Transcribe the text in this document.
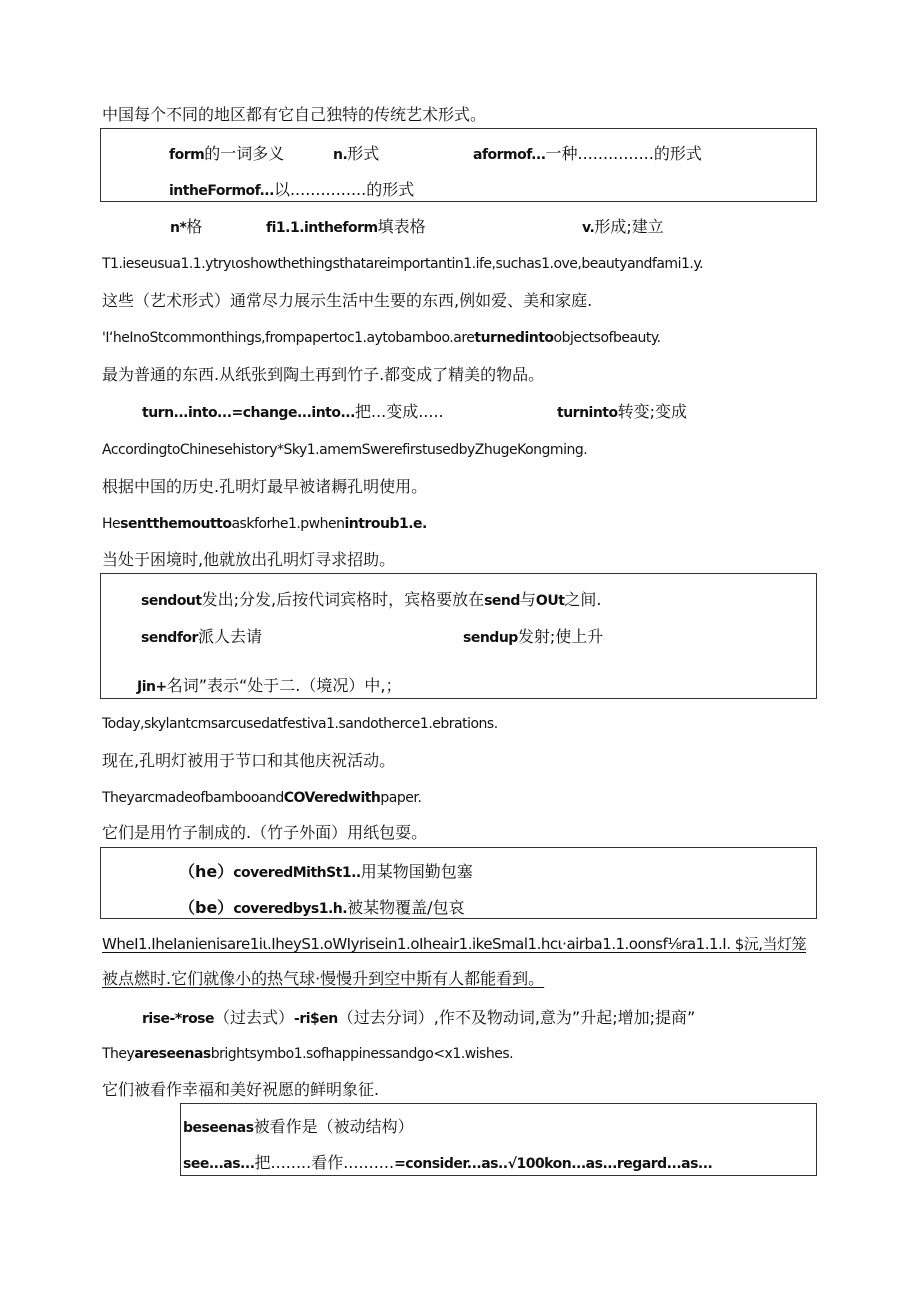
中国每个不同的地区都有它自己独特的传统艺术形式。
form的一词多义	n.形式	aformof...一种...............的形式
intheFormof...以...............的形式
n*格	fi1.1.intheform填表格	v.形成;建立
T1.ieseusua1.1.ytryιoshowthethingsthatareimportantin1.ife,suchas1.ove,beautyandfami1.y.
这些（艺术形式）通常尽力展示生活中生要的东西,例如爱、美和家庭.
'I‘heInoStcommonthings,frompapertoc1.aytobamboo.areturnedintoobjectsofbeauty.
最为普通的东西.从纸张到陶土再到竹子.都变成了精美的物品。
turn...into...=change...into...把...变成.....	turninto转变;变成
AccordingtoChinesehistory*Sky1.amemSwerefirstusedbyZhugeKongming.
根据中国的历史.孔明灯最早被诸耨孔明使用。
Hesentthemouttoaskforhe1.pwhenintroub1.e.
当处于困境时,他就放出孔明灯寻求招助。
sendout发出;分发,后按代词宾格时，宾格要放在send与OUt之间.
sendfor派人去请	sendup发射;使上升
Jin+名词”表示“处于二.（境况）中,；
Today,skylantcmsarcusedatfestiva1.sandotherce1.ebrations.
现在,孔明灯被用于节口和其他庆祝活动。
TheyarcmadeofbambooandCOVeredwithpaper.
它们是用竹子制成的.（竹子外面）用纸包耍。
（he）coveredMithSt1..用某物国勤包塞
（be）coveredbys1.h.被某物覆盖/包哀
WheI1.IheIanienisare1iι.IheyS1.oWIyrisein1.oIheair1.ikeSmal1.hcι·airba1.1.oonsf⅛ra1.1.I. $沅,当灯笼
被点燃时.它们就像小的热气球·慢慢升到空中斯有人都能看到。
rise-*rose（过去式）-ri$en（过去分词）,作不及物动词,意为”升起;增加;提商”
Theyareseenasbrightsymbo1.sofhappinessandgo<x1.wishes.
它们被看作幸福和美好祝愿的鲜明象征.
beseenas被看作是（被动结构）
see...as...把........看作..........=consider...as..√100kon...as...regard...as...
